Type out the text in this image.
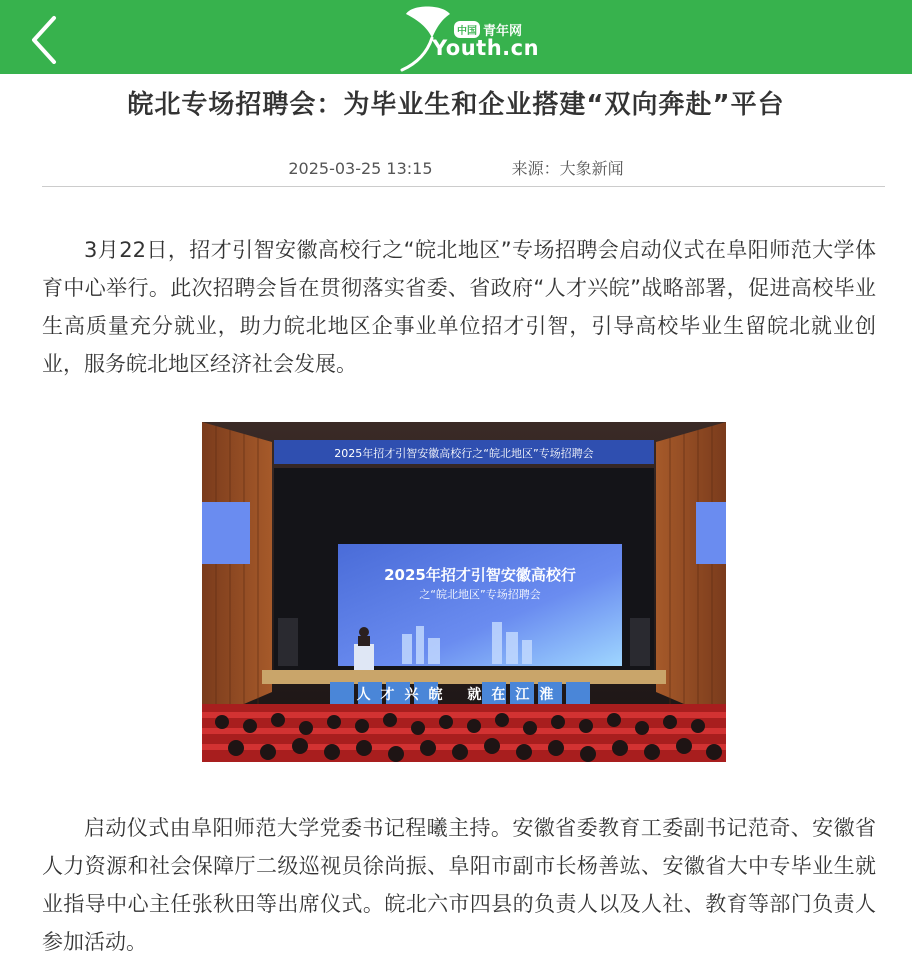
中国 青年网
Youth.cn
皖北专场招聘会：为毕业生和企业搭建“双向奔赴”平台
2025-03-25 13:15	来源：大象新闻

3月22日，招才引智安徽高校行之“皖北地区”专场招聘会启动仪式在阜阳师范大学体育中心举行。此次招聘会旨在贯彻落实省委、省政府“人才兴皖”战略部署，促进高校毕业生高质量充分就业，助力皖北地区企事业单位招才引智，引导高校毕业生留皖北就业创业，服务皖北地区经济社会发展。

2025年招才引智安徽高校行之“皖北地区”专场招聘会
2025年招才引智安徽高校行
之“皖北地区”专场招聘会
人才兴皖 就在江淮

启动仪式由阜阳师范大学党委书记程曦主持。安徽省委教育工委副书记范奇、安徽省人力资源和社会保障厅二级巡视员徐尚振、阜阳市副市长杨善竑、安徽省大中专毕业生就业指导中心主任张秋田等出席仪式。皖北六市四县的负责人以及人社、教育等部门负责人参加活动。
